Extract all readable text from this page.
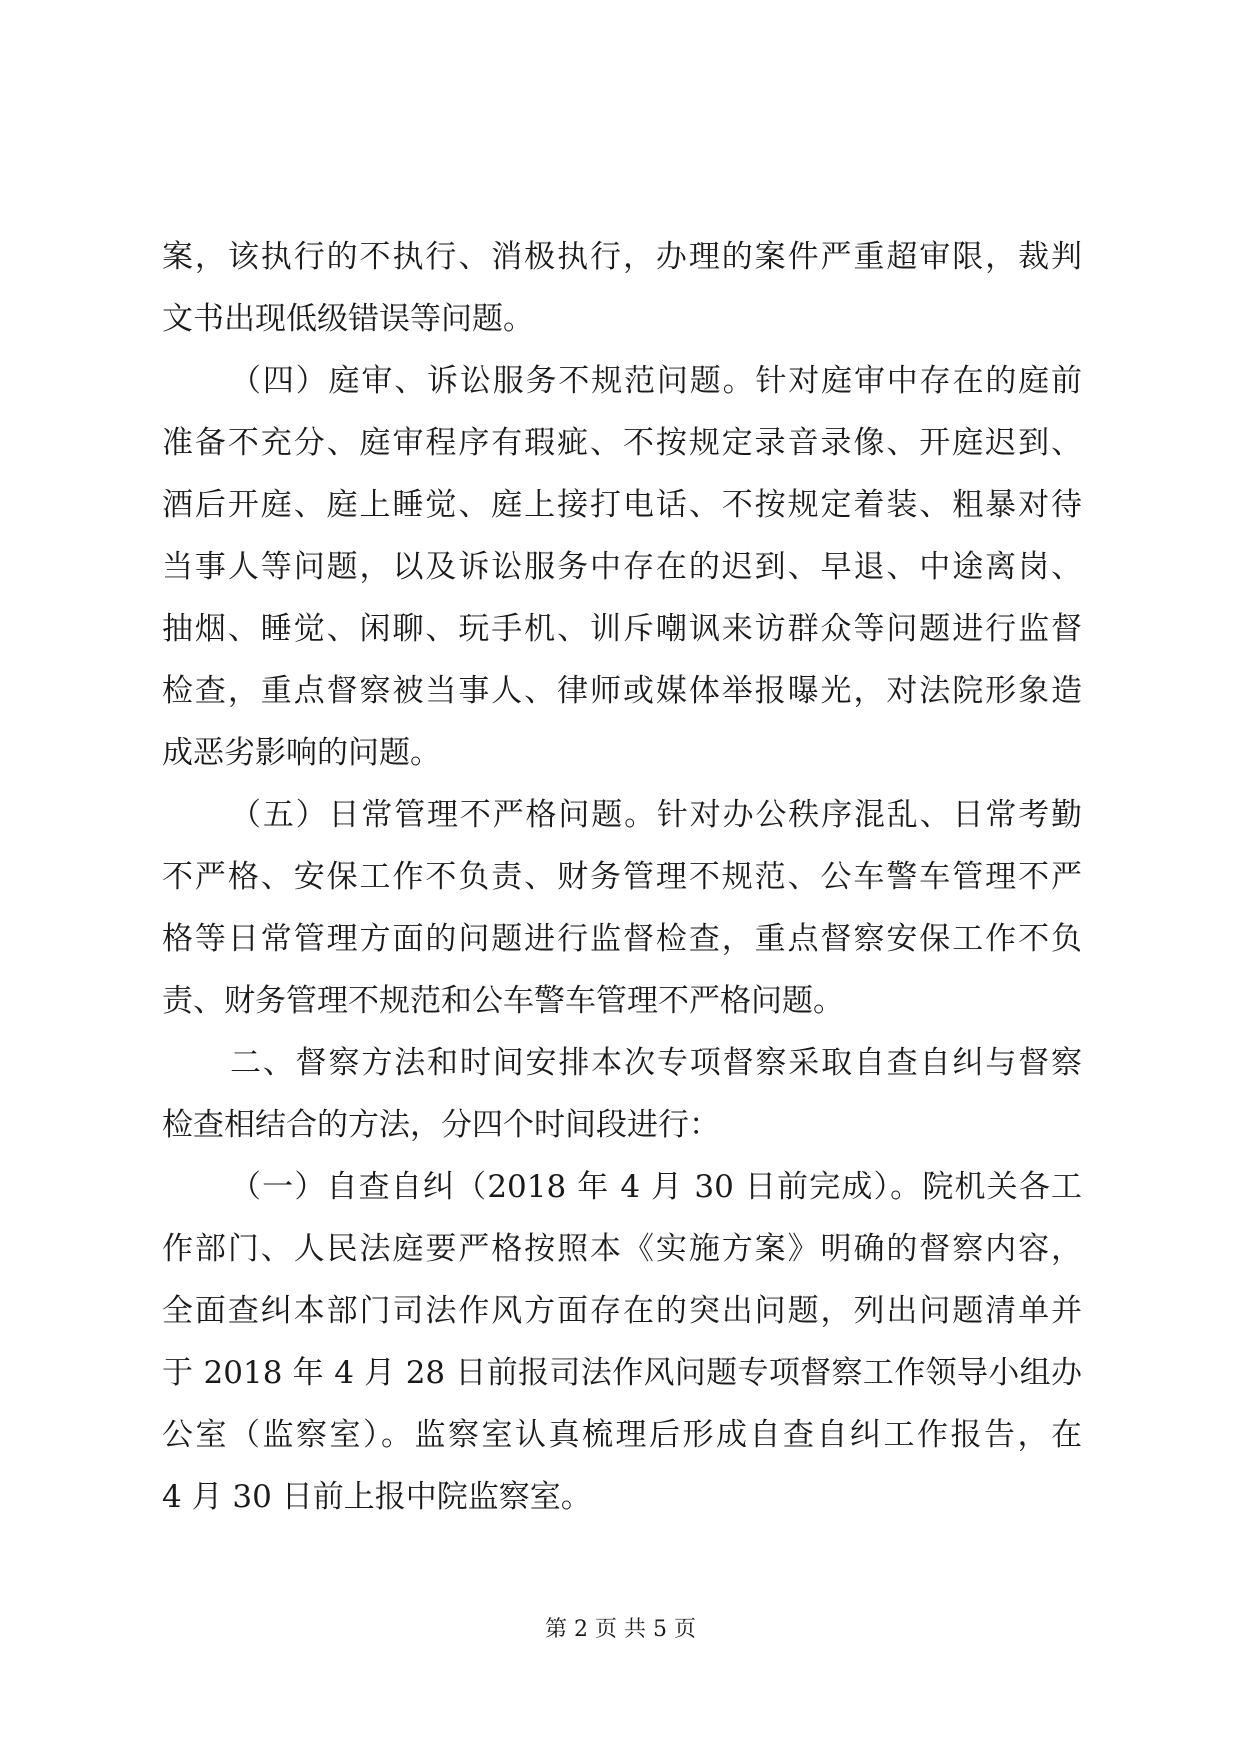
案，该执行的不执行、消极执行，办理的案件严重超审限，裁判
文书出现低级错误等问题。
（四）庭审、诉讼服务不规范问题。针对庭审中存在的庭前
准备不充分、庭审程序有瑕疵、不按规定录音录像、开庭迟到、
酒后开庭、庭上睡觉、庭上接打电话、不按规定着装、粗暴对待
当事人等问题，以及诉讼服务中存在的迟到、早退、中途离岗、
抽烟、睡觉、闲聊、玩手机、训斥嘲讽来访群众等问题进行监督
检查，重点督察被当事人、律师或媒体举报曝光，对法院形象造
成恶劣影响的问题。
（五）日常管理不严格问题。针对办公秩序混乱、日常考勤
不严格、安保工作不负责、财务管理不规范、公车警车管理不严
格等日常管理方面的问题进行监督检查，重点督察安保工作不负
责、财务管理不规范和公车警车管理不严格问题。
二、督察方法和时间安排本次专项督察采取自查自纠与督察
检查相结合的方法，分四个时间段进行：
（一）自查自纠（2018 年 4 月 30 日前完成）。院机关各工
作部门、人民法庭要严格按照本《实施方案》明确的督察内容，
全面查纠本部门司法作风方面存在的突出问题，列出问题清单并
于 2018 年 4 月 28 日前报司法作风问题专项督察工作领导小组办
公室（监察室）。监察室认真梳理后形成自查自纠工作报告，在
4 月 30 日前上报中院监察室。
第 2 页 共 5 页
